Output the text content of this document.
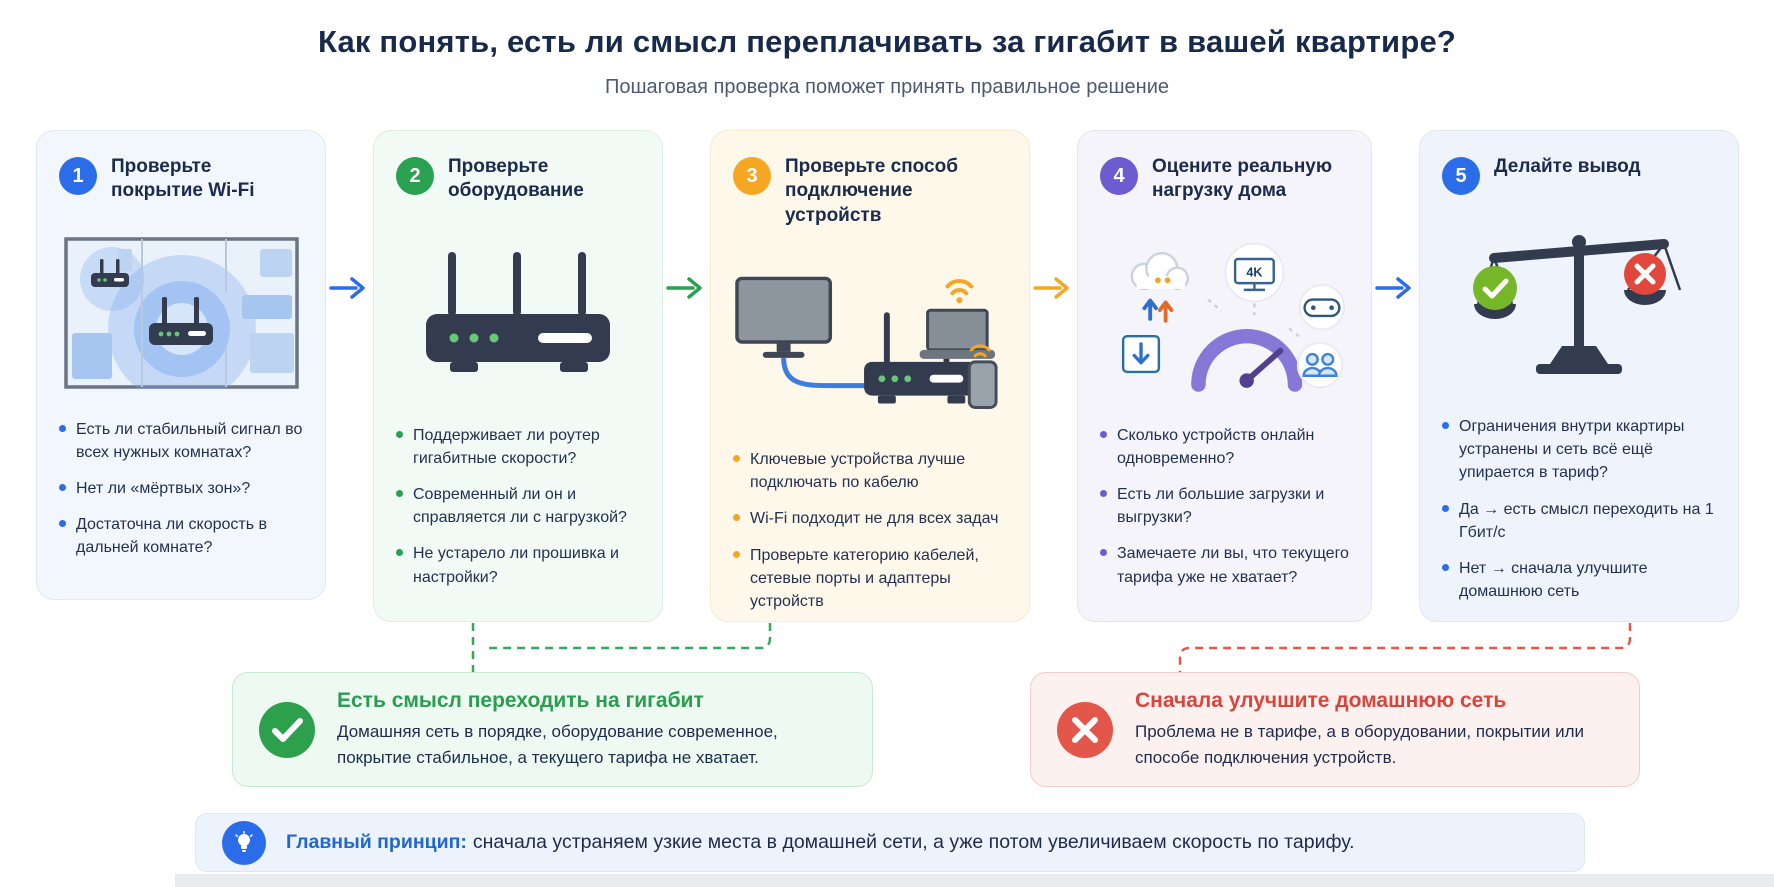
Как понять, есть ли смысл переплачивать за гигабит в вашей квартире?
Пошаговая проверка поможет принять правильное решение
1	Проверьте покрытие Wi-Fi
Есть ли стабильный сигнал во всех нужных комнатах?
Нет ли «мёртвых зон»?
Достаточна ли скорость в дальней комнате?
2	Проверьте оборудование
Поддерживает ли роутер гигабитные скорости?
Современный ли он и справляется ли с нагрузкой?
Не устарело ли прошивка и настройки?
3	Проверьте способ подключение устройств
Ключевые устройства лучше подключать по кабелю
Wi-Fi подходит не для всех задач
Проверьте категорию кабелей, сетевые порты и адаптеры устройств
4	Оцените реальную нагрузку дома
4K
Сколько устройств онлайн одновременно?
Есть ли большие загрузки и выгрузки?
Замечаете ли вы, что текущего тарифа уже не хватает?
5	Делайте вывод
Ограничения внутри ккартиры устранены и сеть всё ещё упирается в тариф?
Да → есть смысл переходить на 1 Гбит/с
Нет → сначала улучшите домашнюю сеть
Есть смысл переходить на гигабит
Домашняя сеть в порядке, оборудование современное, покрытие стабильное, а текущего тарифа не хватает.
Сначала улучшите домашнюю сеть
Проблема не в тарифе, а в оборудовании, покрытии или способе подключения устройств.
Главный принцип: сначала устраняем узкие места в домашней сети, а уже потом увеличиваем скорость по тарифу.
